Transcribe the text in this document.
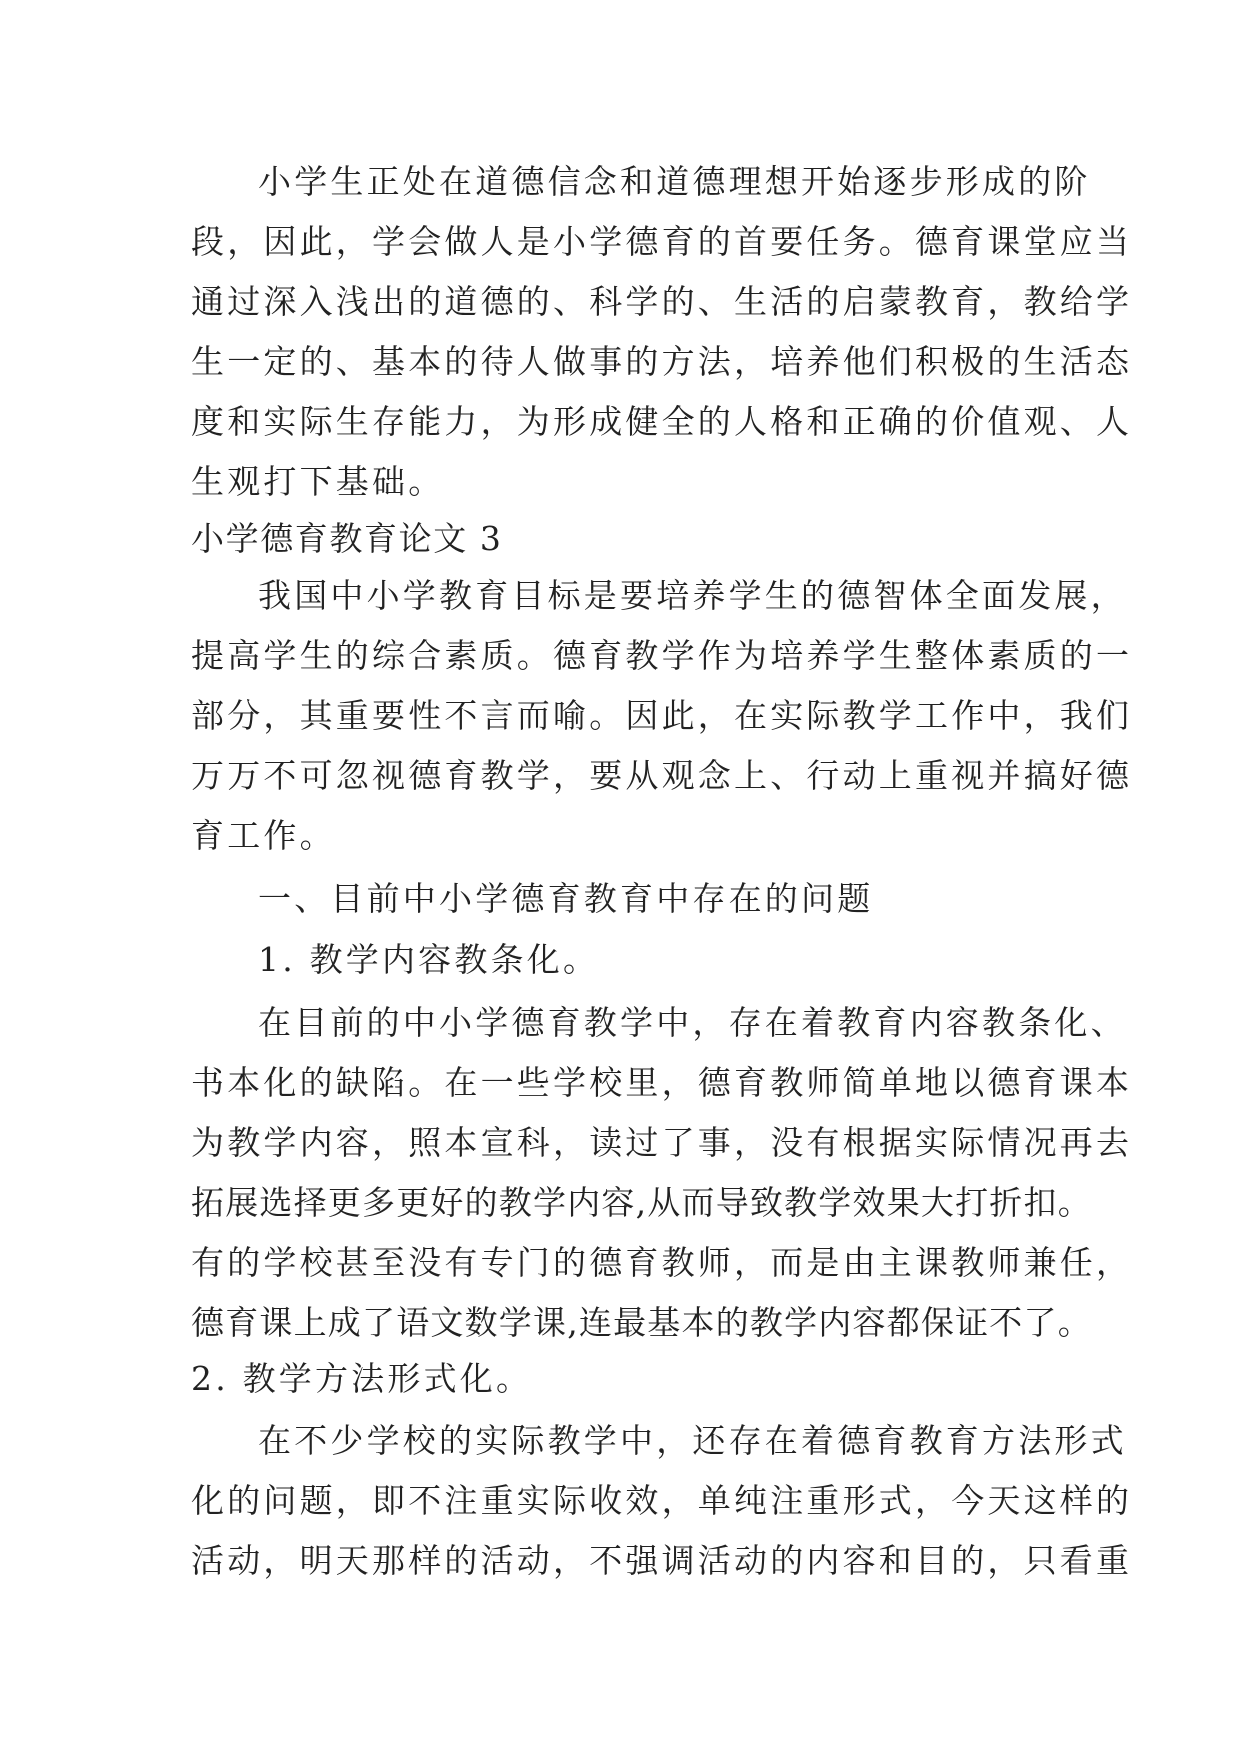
小学生正处在道德信念和道德理想开始逐步形成的阶
段，因此，学会做人是小学德育的首要任务。德育课堂应当
通过深入浅出的道德的、科学的、生活的启蒙教育，教给学
生一定的、基本的待人做事的方法，培养他们积极的生活态
度和实际生存能力，为形成健全的人格和正确的价值观、人
生观打下基础。
小学德育教育论文 3
我国中小学教育目标是要培养学生的德智体全面发展，
提高学生的综合素质。德育教学作为培养学生整体素质的一
部分，其重要性不言而喻。因此，在实际教学工作中，我们
万万不可忽视德育教学，要从观念上、行动上重视并搞好德
育工作。
一、目前中小学德育教育中存在的问题
1. 教学内容教条化。
在目前的中小学德育教学中，存在着教育内容教条化、
书本化的缺陷。在一些学校里，德育教师简单地以德育课本
为教学内容，照本宣科，读过了事，没有根据实际情况再去
拓展选择更多更好的教学内容,从而导致教学效果大打折扣。
有的学校甚至没有专门的德育教师，而是由主课教师兼任，
德育课上成了语文数学课,连最基本的教学内容都保证不了。
2. 教学方法形式化。
在不少学校的实际教学中，还存在着德育教育方法形式
化的问题，即不注重实际收效，单纯注重形式，今天这样的
活动，明天那样的活动，不强调活动的内容和目的，只看重
